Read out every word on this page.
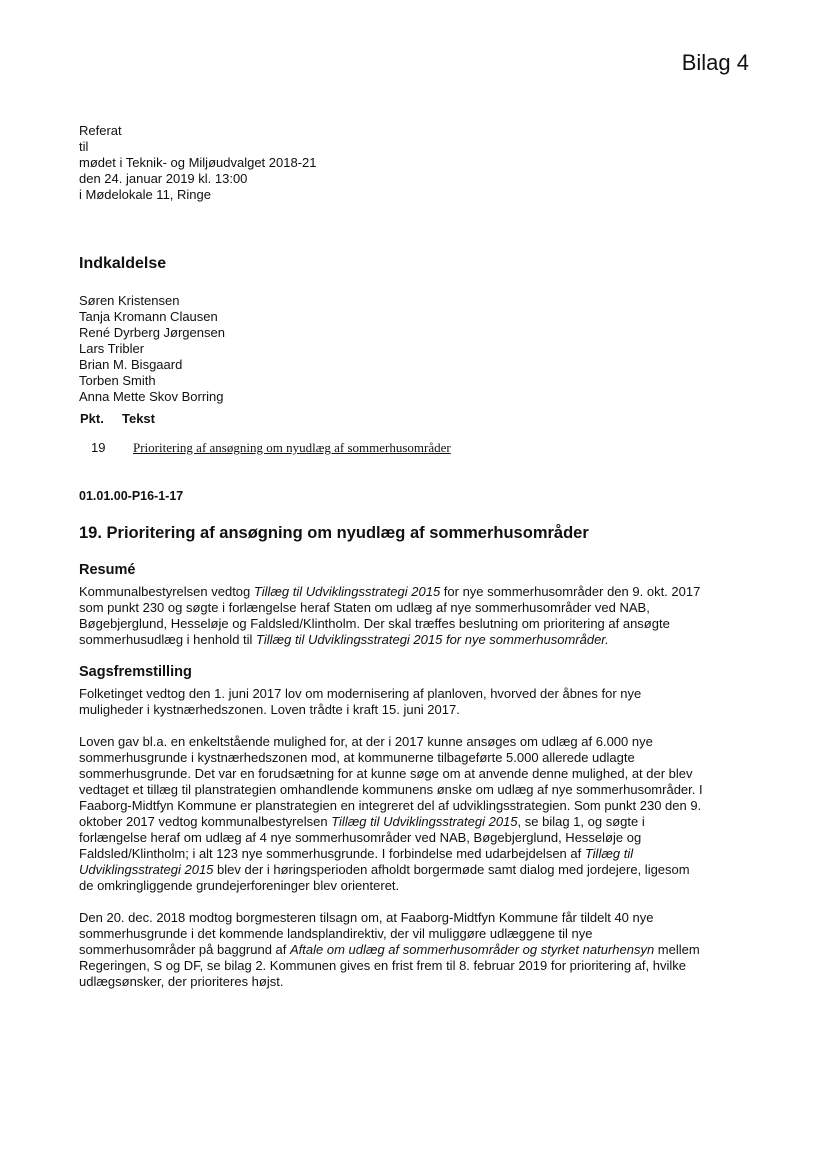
Bilag 4
Referat
til
mødet i Teknik- og Miljøudvalget 2018-21
den 24. januar 2019 kl. 13:00
i Mødelokale 11, Ringe
Indkaldelse
Søren Kristensen
Tanja Kromann Clausen
René Dyrberg Jørgensen
Lars Tribler
Brian M. Bisgaard
Torben Smith
Anna Mette Skov Borring
Pkt. Tekst
19 Prioritering af ansøgning om nyudlæg af sommerhusområder
01.01.00-P16-1-17
19. Prioritering af ansøgning om nyudlæg af sommerhusområder
Resumé
Kommunalbestyrelsen vedtog Tillæg til Udviklingsstrategi 2015 for nye sommerhusområder den 9. okt. 2017
som punkt 230 og søgte i forlængelse heraf Staten om udlæg af nye sommerhusområder ved NAB,
Bøgebjerglund, Hesseløje og Faldsled/Klintholm. Der skal træffes beslutning om prioritering af ansøgte
sommerhusudlæg i henhold til Tillæg til Udviklingsstrategi 2015 for nye sommerhusområder.
Sagsfremstilling
Folketinget vedtog den 1. juni 2017 lov om modernisering af planloven, hvorved der åbnes for nye
muligheder i kystnærhedszonen. Loven trådte i kraft 15. juni 2017.
Loven gav bl.a. en enkeltstående mulighed for, at der i 2017 kunne ansøges om udlæg af 6.000 nye
sommerhusgrunde i kystnærhedszonen mod, at kommunerne tilbageførte 5.000 allerede udlagte
sommerhusgrunde. Det var en forudsætning for at kunne søge om at anvende denne mulighed, at der blev
vedtaget et tillæg til planstrategien omhandlende kommunens ønske om udlæg af nye sommerhusområder. I
Faaborg-Midtfyn Kommune er planstrategien en integreret del af udviklingsstrategien. Som punkt 230 den 9.
oktober 2017 vedtog kommunalbestyrelsen Tillæg til Udviklingsstrategi 2015, se bilag 1, og søgte i
forlængelse heraf om udlæg af 4 nye sommerhusområder ved NAB, Bøgebjerglund, Hesseløje og
Faldsled/Klintholm; i alt 123 nye sommerhusgrunde. I forbindelse med udarbejdelsen af Tillæg til
Udviklingsstrategi 2015 blev der i høringsperioden afholdt borgermøde samt dialog med jordejere, ligesom
de omkringliggende grundejerforeninger blev orienteret.
Den 20. dec. 2018 modtog borgmesteren tilsagn om, at Faaborg-Midtfyn Kommune får tildelt 40 nye
sommerhusgrunde i det kommende landsplandirektiv, der vil muliggøre udlæggene til nye
sommerhusområder på baggrund af Aftale om udlæg af sommerhusområder og styrket naturhensyn mellem
Regeringen, S og DF, se bilag 2. Kommunen gives en frist frem til 8. februar 2019 for prioritering af, hvilke
udlægsønsker, der prioriteres højst.
